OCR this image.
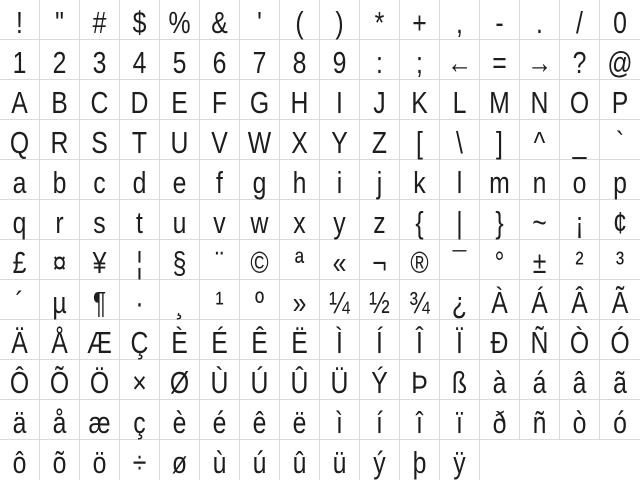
!	" # $ % & '	(	)	* + ,	-	.	/ 0
1 2 3 4 5 6 7 8 9 :	; ← = → ? @
A B C D E F G H I J K L M N O P
Q R S T U V W X Y Z [	\	] ^ _ `
a b c d e f g h i	j	k	l m n o p
q r s t u v w x y z {	|	} ~ ¡ ¢
£ ¤ ¥ ¦ § ¨ © ª « ¬ ® ¯ ° ± ²	³
´ µ ¶ ·	¸	¹	º » ¼ ½ ¾ ¿ À Á Â Ã
Ä Å Æ Ç È É Ê Ë Ì	Í	Î	Ï Ð Ñ Ò Ó
Ô Õ Ö × Ø Ù Ú Û Ü Ý Þ ß à á â ã
ä å æ ç è é ê ë ì	í	î	ï ð ñ ò ó
ô õ ö ÷ ø ù ú û ü ý þ ÿ
